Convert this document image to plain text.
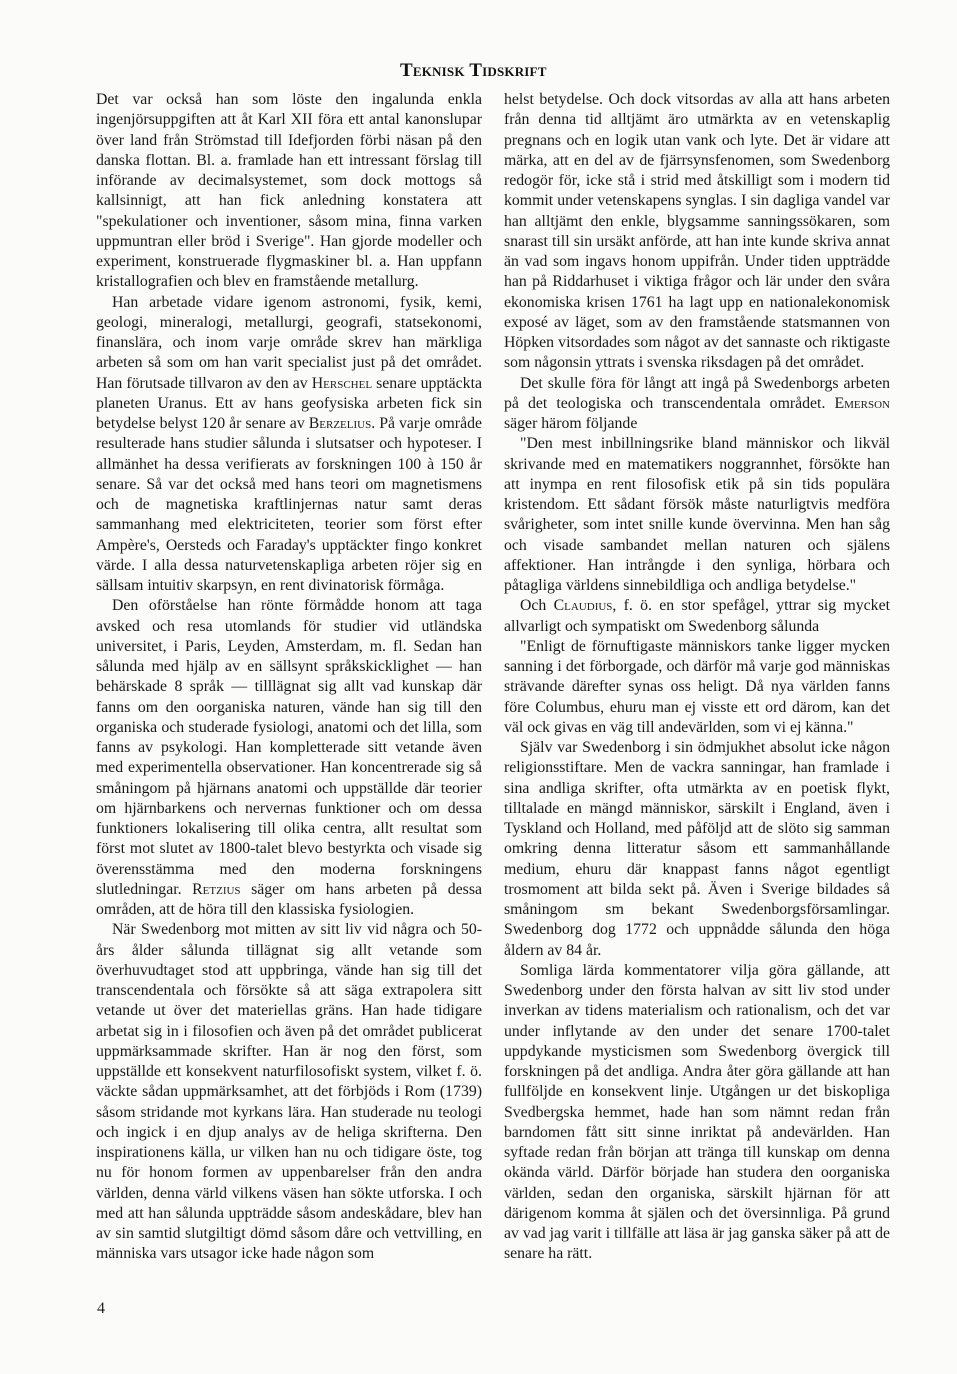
Teknisk Tidskrift

Det var också han som löste den ingalunda enkla ingenjörsuppgiften att åt Karl XII föra ett antal kanonslupar över land från Strömstad till Idefjorden förbi näsan på den danska flottan. Bl. a. framlade han ett intressant förslag till införande av decimalsystemet, som dock mottogs så kallsinnigt, att han fick anledning konstatera att "spekulationer och inventioner, såsom mina, finna varken uppmuntran eller bröd i Sverige". Han gjorde modeller och experiment, konstruerade flygmaskiner bl. a. Han uppfann kristallografien och blev en framstående metallurg.

Han arbetade vidare igenom astronomi, fysik, kemi, geologi, mineralogi, metallurgi, geografi, statsekonomi, finanslära, och inom varje område skrev han märkliga arbeten så som om han varit specialist just på det området. Han förutsade tillvaron av den av Herschel senare upptäckta planeten Uranus. Ett av hans geofysiska arbeten fick sin betydelse belyst 120 år senare av Berzelius. På varje område resulterade hans studier sålunda i slutsatser och hypoteser. I allmänhet ha dessa verifierats av forskningen 100 à 150 år senare. Så var det också med hans teori om magnetismens och de magnetiska kraftlinjernas natur samt deras sammanhang med elektriciteten, teorier som först efter Ampère's, Oersteds och Faraday's upptäckter fingo konkret värde. I alla dessa naturvetenskapliga arbeten röjer sig en sällsam intuitiv skarpsyn, en rent divinatorisk förmåga.

Den oförståelse han rönte förmådde honom att taga avsked och resa utomlands för studier vid utländska universitet, i Paris, Leyden, Amsterdam, m. fl. Sedan han sålunda med hjälp av en sällsynt språkskicklighet — han behärskade 8 språk — tilllägnat sig allt vad kunskap där fanns om den oorganiska naturen, vände han sig till den organiska och studerade fysiologi, anatomi och det lilla, som fanns av psykologi. Han kompletterade sitt vetande även med experimentella observationer. Han koncentrerade sig så småningom på hjärnans anatomi och uppställde där teorier om hjärnbarkens och nervernas funktioner och om dessa funktioners lokalisering till olika centra, allt resultat som först mot slutet av 1800-talet blevo bestyrkta och visade sig överensstämma med den moderna forskningens slutledningar. Retzius säger om hans arbeten på dessa områden, att de höra till den klassiska fysiologien.

När Swedenborg mot mitten av sitt liv vid några och 50-års ålder sålunda tillägnat sig allt vetande som överhuvudtaget stod att uppbringa, vände han sig till det transcendentala och försökte så att säga extrapolera sitt vetande ut över det materiellas gräns. Han hade tidigare arbetat sig in i filosofien och även på det området publicerat uppmärksammade skrifter. Han är nog den först, som uppställde ett konsekvent naturfilosofiskt system, vilket f. ö. väckte sådan uppmärksamhet, att det förbjöds i Rom (1739) såsom stridande mot kyrkans lära. Han studerade nu teologi och ingick i en djup analys av de heliga skrifterna. Den inspirationens källa, ur vilken han nu och tidigare öste, tog nu för honom formen av uppenbarelser från den andra världen, denna värld vilkens väsen han sökte utforska. I och med att han sålunda uppträdde såsom andeskådare, blev han av sin samtid slutgiltigt dömd såsom dåre och vettvilling, en människa vars utsagor icke hade någon som

helst betydelse. Och dock vitsordas av alla att hans arbeten från denna tid alltjämt äro utmärkta av en vetenskaplig pregnans och en logik utan vank och lyte. Det är vidare att märka, att en del av de fjärrsynsfenomen, som Swedenborg redogör för, icke stå i strid med åtskilligt som i modern tid kommit under vetenskapens synglas. I sin dagliga vandel var han alltjämt den enkle, blygsamme sanningssökaren, som snarast till sin ursäkt anförde, att han inte kunde skriva annat än vad som ingavs honom uppifrån. Under tiden uppträdde han på Riddarhuset i viktiga frågor och lär under den svåra ekonomiska krisen 1761 ha lagt upp en nationalekonomisk exposé av läget, som av den framstående statsmannen von Höpken vitsordades som något av det sannaste och riktigaste som någonsin yttrats i svenska riksdagen på det området.

Det skulle föra för långt att ingå på Swedenborgs arbeten på det teologiska och transcendentala området. Emerson säger härom följande

"Den mest inbillningsrike bland människor och likväl skrivande med en matematikers noggrannhet, försökte han att inympa en rent filosofisk etik på sin tids populära kristendom. Ett sådant försök måste naturligtvis medföra svårigheter, som intet snille kunde övervinna. Men han såg och visade sambandet mellan naturen och själens affektioner. Han intrångde i den synliga, hörbara och påtagliga världens sinnebildliga och andliga betydelse."

Och Claudius, f. ö. en stor spefågel, yttrar sig mycket allvarligt och sympatiskt om Swedenborg sålunda

"Enligt de förnuftigaste människors tanke ligger mycken sanning i det förborgade, och därför må varje god människas strävande därefter synas oss heligt. Då nya världen fanns före Columbus, ehuru man ej visste ett ord därom, kan det väl ock givas en väg till andevärlden, som vi ej känna."

Själv var Swedenborg i sin ödmjukhet absolut icke någon religionsstiftare. Men de vackra sanningar, han framlade i sina andliga skrifter, ofta utmärkta av en poetisk flykt, tilltalade en mängd människor, särskilt i England, även i Tyskland och Holland, med påföljd att de slöto sig samman omkring denna litteratur såsom ett sammanhållande medium, ehuru där knappast fanns något egentligt trosmoment att bilda sekt på. Även i Sverige bildades så småningom sm bekant Swedenborgsförsamlingar. Swedenborg dog 1772 och uppnådde sålunda den höga åldern av 84 år.

Somliga lärda kommentatorer vilja göra gällande, att Swedenborg under den första halvan av sitt liv stod under inverkan av tidens materialism och rationalism, och det var under inflytande av den under det senare 1700-talet uppdykande mysticismen som Swedenborg övergick till forskningen på det andliga. Andra åter göra gällande att han fullföljde en konsekvent linje. Utgången ur det biskopliga Svedbergska hemmet, hade han som nämnt redan från barndomen fått sitt sinne inriktat på andevärlden. Han syftade redan från början att tränga till kunskap om denna okända värld. Därför började han studera den oorganiska världen, sedan den organiska, särskilt hjärnan för att därigenom komma åt själen och det översinnliga. På grund av vad jag varit i tillfälle att läsa är jag ganska säker på att de senare ha rätt.

4
